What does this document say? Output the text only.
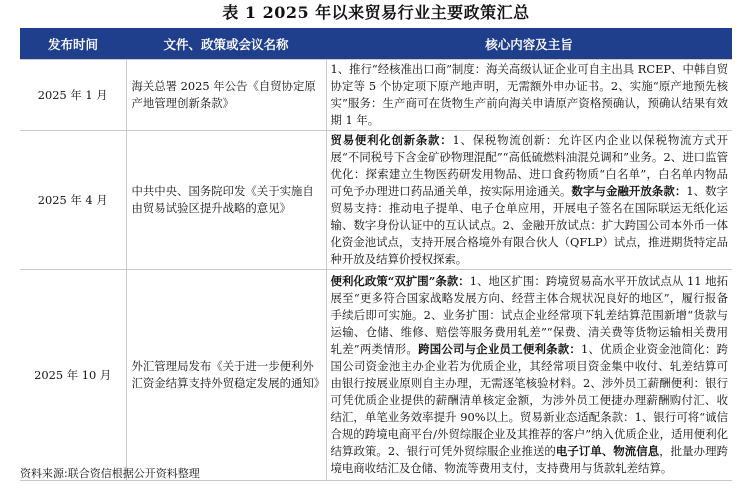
表 1 2025 年以来贸易行业主要政策汇总
发布时间	文件、政策或会议名称	核心内容及主旨
2025 年 1 月	海关总署 2025 年公告《自贸协定原产地管理创新条款》	1、推行“经核准出口商”制度：海关高级认证企业可自主出具 RCEP、中韩自贸协定等 5 个协定项下原产地声明，无需额外申办证书。2、实施“原产地预先核实”服务：生产商可在货物生产前向海关申请原产资格预确认，预确认结果有效期 1 年。
2025 年 4 月	中共中央、国务院印发《关于实施自由贸易试验区提升战略的意见》	贸易便利化创新条款：1、保税物流创新：允许区内企业以保税物流方式开展“不同税号下含金矿砂物理混配”“高低硫燃料油混兑调和”业务。2、进口监管优化：探索建立生物医药研发用物品、进口食药物质“白名单”，白名单内物品可免予办理进口药品通关单，按实际用途通关。数字与金融开放条款：1、数字贸易支持：推动电子提单、电子仓单应用，开展电子签名在国际联运无纸化运输、数字身份认证中的互认试点。2、金融开放试点：扩大跨国公司本外币一体化资金池试点，支持开展合格境外有限合伙人（QFLP）试点，推进期货特定品种开放及结算价授权探索。
2025 年 10 月	外汇管理局发布《关于进一步便利外汇资金结算支持外贸稳定发展的通知》	便利化政策“双扩围”条款：1、地区扩围：跨境贸易高水平开放试点从 11 地拓展至“更多符合国家战略发展方向、经营主体合规状况良好的地区”，履行报备手续后即可实施。2、业务扩围：试点企业经常项下轧差结算范围新增“货款与运输、仓储、维修、赔偿等服务费用轧差”“保费、清关费等货物运输相关费用轧差”两类情形。跨国公司与企业员工便利条款：1、优质企业资金池简化：跨国公司资金池主办企业若为优质企业，其经常项目资金集中收付、轧差结算可由银行按展业原则自主办理，无需逐笔核验材料。2、涉外员工薪酬便利：银行可凭优质企业提供的薪酬清单核定金额，为涉外员工便捷办理薪酬购付汇、收结汇，单笔业务效率提升 90%以上。贸易新业态适配条款：1、银行可将“诚信合规的跨境电商平台/外贸综服企业及其推荐的客户”纳入优质企业，适用便利化结算政策。2、银行可凭外贸综服企业推送的电子订单、物流信息，批量办理跨境电商收结汇及仓储、物流等费用支付，支持费用与货款轧差结算。
资料来源:联合资信根据公开资料整理
